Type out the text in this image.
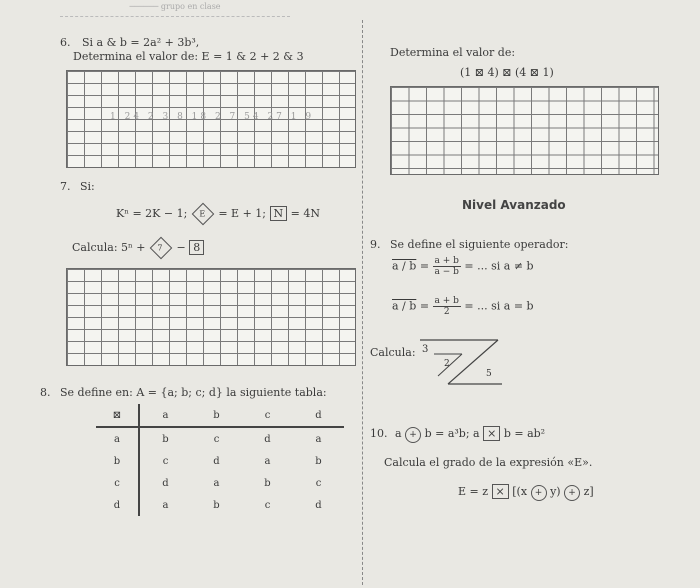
────── grupo en clase
6. Si a & b = 2a² + 3b³,
Determina el valor de: E = 1 & 2 + 2 & 3
1 24 2 3 8 18 2 7 54 27 1 9
Determina el valor de:
(1 ⊠ 4) ⊠ (4 ⊠ 1)
7. Si:
Kⁿ = 2K − 1; E = E + 1; N = 4N
Calcula: 5ⁿ + 7 − 8
Nivel Avanzado
9. Se define el siguiente operador:
$a / b = \frac{a + b}{a - b}$ = ... si a ≠ b
$a / b = \frac{a + b}{2}$ = ... si a = b
Calcula: 3
2
5
8. Se define en: A = {a; b; c; d} la siguiente tabla:
⊠	a	b	c	d
a	b	c	d	a
b	c	d	a	b
c	d	a	b	c
d	a	b	c	d
10. a + b = a³b; a × b = ab²
Calcula el grado de la expresión «E».
E = z × [(x + y) + z]
